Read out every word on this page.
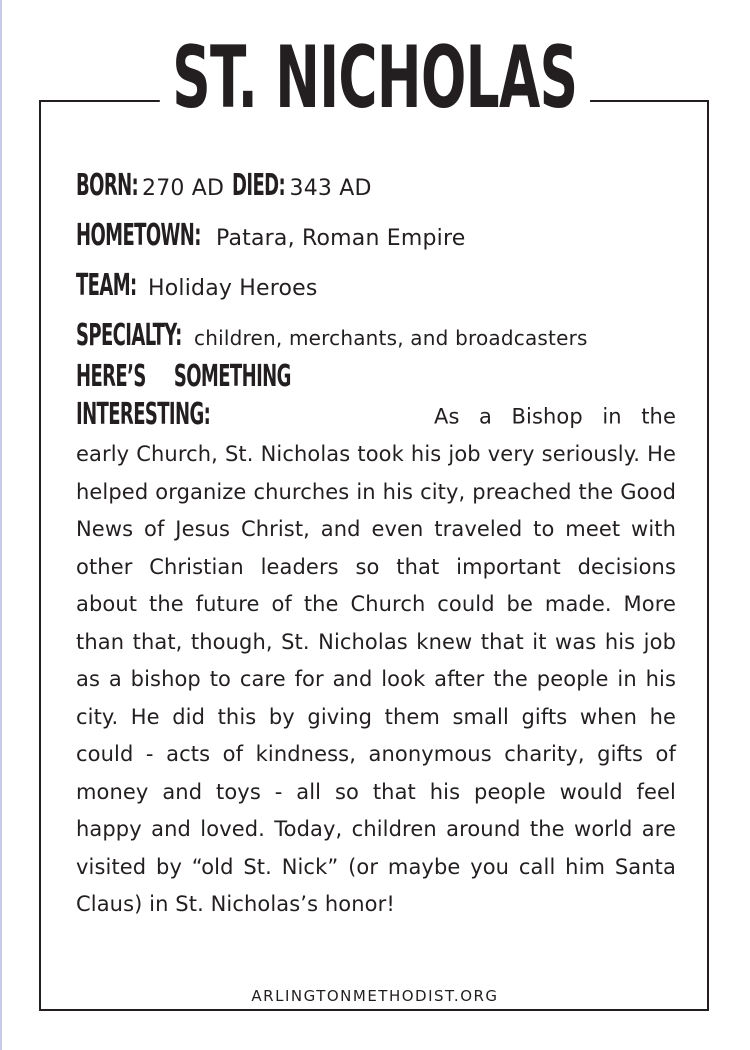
ST. NICHOLAS
BORN: 270 AD DIED: 343 AD
HOMETOWN: Patara, Roman Empire
TEAM: Holiday Heroes
SPECIALTY: children, merchants, and broadcasters
HERE’S SOMETHING INTERESTING:	As a Bishop in the early Church, St. Nicholas took his job very seriously. He helped organize churches in his city, preached the Good News of Jesus Christ, and even traveled to meet with other Christian leaders so that important decisions about the future of the Church could be made. More than that, though, St. Nicholas knew that it was his job as a bishop to care for and look after the people in his city. He did this by giving them small gifts when he could - acts of kindness, anonymous charity, gifts of money and toys - all so that his people would feel happy and loved. Today, children around the world are visited by “old St. Nick” (or maybe you call him Santa Claus) in St. Nicholas’s honor!
ARLINGTONMETHODIST.ORG
